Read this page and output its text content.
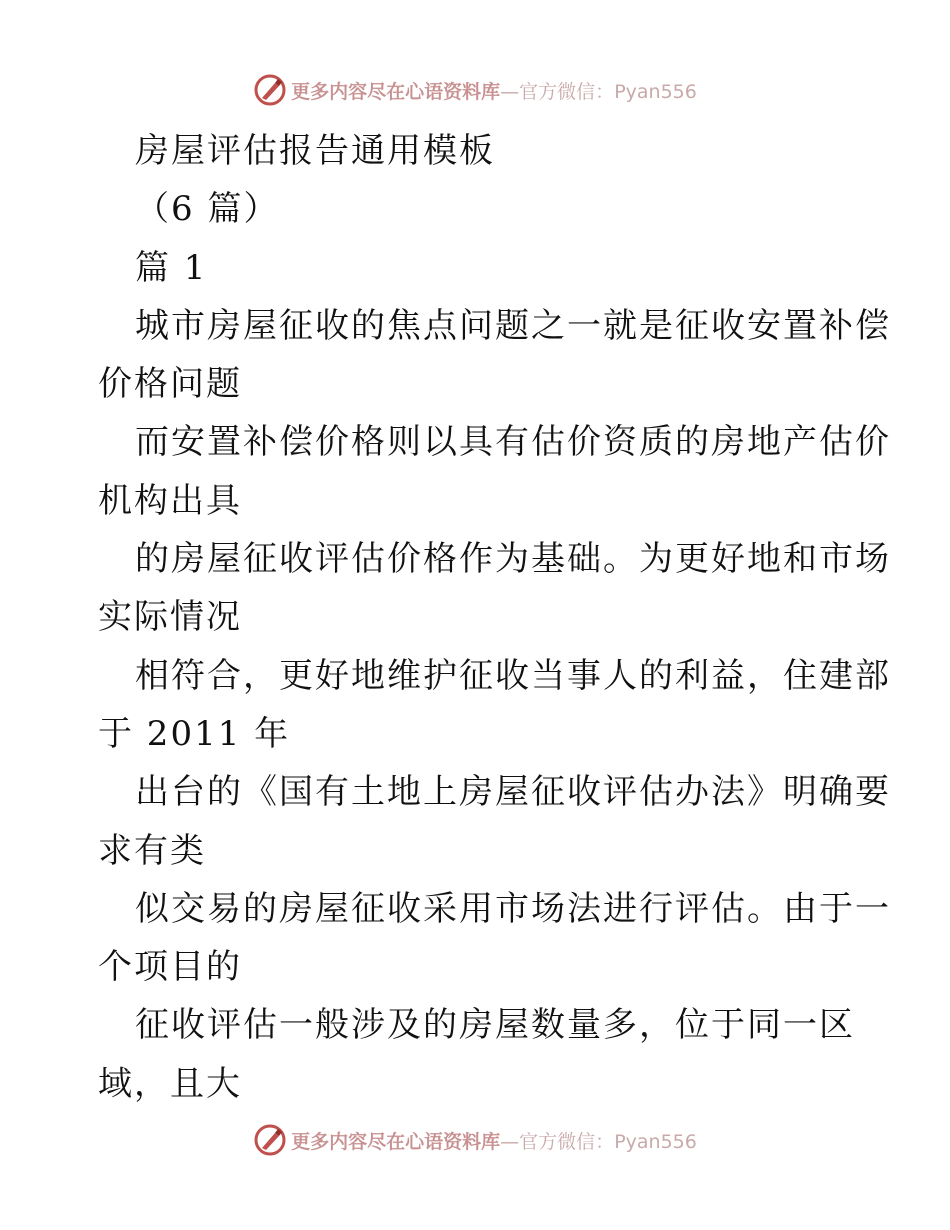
更多内容尽在心语资料库—官方微信：Pyan556
房屋评估报告通用模板
（6 篇）
篇 1
城市房屋征收的焦点问题之一就是征收安置补偿
价格问题
而安置补偿价格则以具有估价资质的房地产估价
机构出具
的房屋征收评估价格作为基础。为更好地和市场
实际情况
相符合，更好地维护征收当事人的利益，住建部
于 2011 年
出台的《国有土地上房屋征收评估办法》明确要
求有类
似交易的房屋征收采用市场法进行评估。由于一
个项目的
征收评估一般涉及的房屋数量多，位于同一区
域，且大
更多内容尽在心语资料库—官方微信：Pyan556
